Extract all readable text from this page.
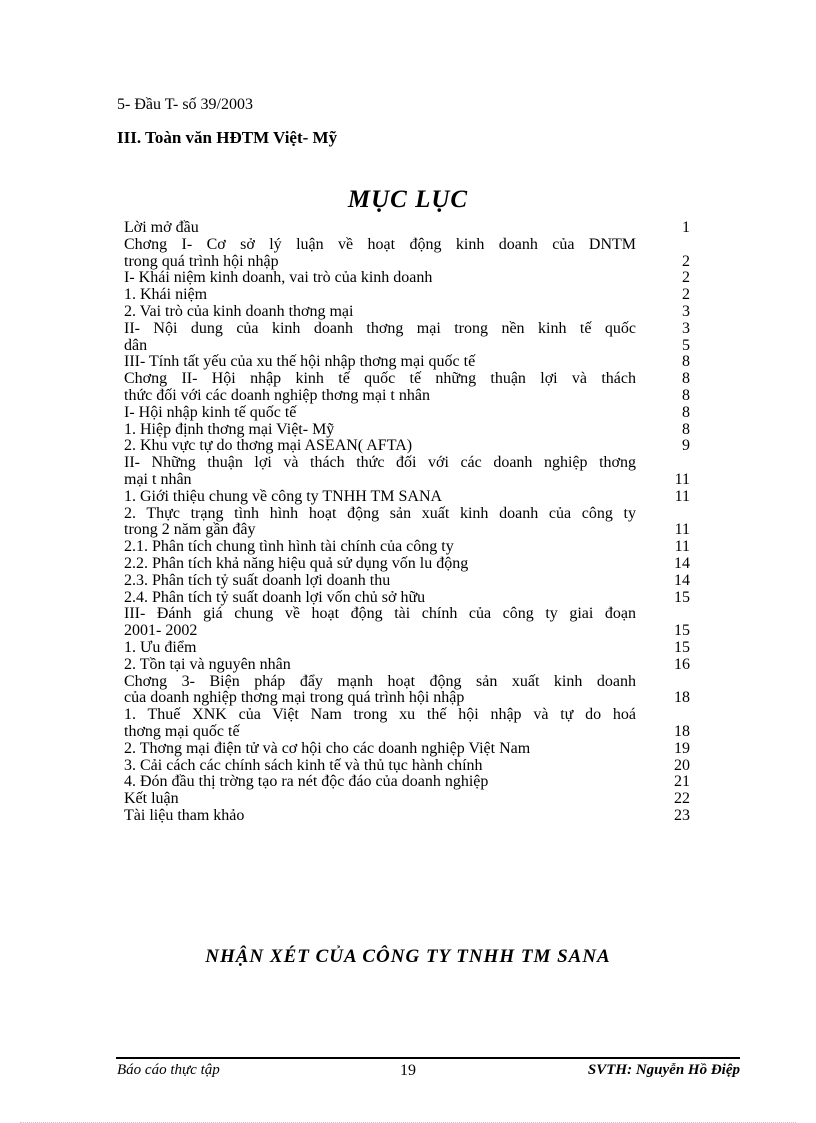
5- Đầu T- số 39/2003
III. Toàn văn HĐTM Việt- Mỹ
MỤC LỤC
Lời mở đầu	1
Chơng I- Cơ sở lý luận về hoạt động kinh doanh của DNTM
trong quá trình hội nhập	2
I- Khái niệm kinh doanh, vai trò của kinh doanh	2
1. Khái niệm	2
2. Vai trò của kinh doanh thơng mại	3
II- Nội dung của kinh doanh thơng mại trong nền kinh tế quốc	3
dân	5
III- Tính tất yếu của xu thế hội nhập thơng mại quốc tế	8
Chơng II- Hội nhập kinh tế quốc tế những thuận lợi và thách	8
thức đối với các doanh nghiệp thơng mại t nhân	8
I- Hội nhập kinh tế quốc tế	8
1. Hiệp định thơng mại Việt- Mỹ	8
2. Khu vực tự do thơng mại ASEAN( AFTA)	9
II- Những thuận lợi và thách thức đối với các doanh nghiệp thơng
mại t nhân	11
1. Giới thiệu chung về công ty TNHH TM SANA	11
2. Thực trạng tình hình hoạt động sản xuất kinh doanh của công ty
trong 2 năm gần đây	11
2.1. Phân tích chung tình hình tài chính của công ty	11
2.2. Phân tích khả năng hiệu quả sử dụng vốn lu động	14
2.3. Phân tích tỷ suất doanh lợi doanh thu	14
2.4. Phân tích tỷ suất doanh lợi vốn chủ sở hữu	15
III- Đánh giá chung về hoạt động tài chính của công ty giai đoạn
2001- 2002	15
1. Ưu điểm	15
2. Tồn tại và nguyên nhân	16
Chơng 3- Biện pháp đẩy mạnh hoạt động sản xuất kinh doanh
của doanh nghiệp thơng mại trong quá trình hội nhập	18
1. Thuế XNK của Việt Nam trong xu thế hội nhập và tự do hoá
thơng mại quốc tế	18
2. Thơng mại điện tử và cơ hội cho các doanh nghiệp Việt Nam	19
3. Cải cách các chính sách kinh tế và thủ tục hành chính	20
4. Đón đầu thị trờng tạo ra nét độc đáo của doanh nghiệp	21
Kết luận	22
Tài liệu tham khảo	23
NHẬN XÉT CỦA CÔNG TY TNHH TM SANA
Báo cáo thực tập	19	SVTH: Nguyễn Hồ Điệp
